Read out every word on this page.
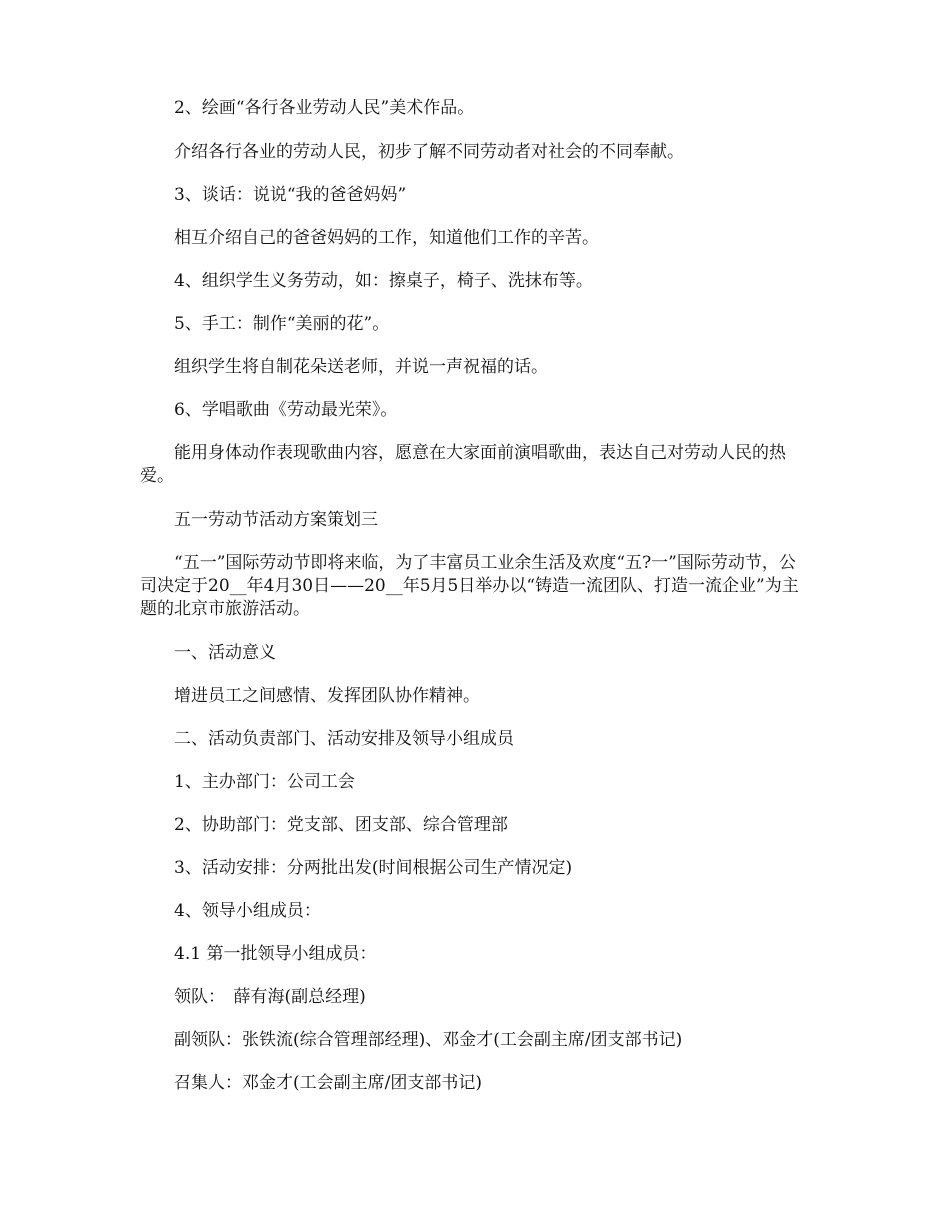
2、绘画“各行各业劳动人民”美术作品。

介绍各行各业的劳动人民，初步了解不同劳动者对社会的不同奉献。

3、谈话：说说“我的爸爸妈妈”

相互介绍自己的爸爸妈妈的工作，知道他们工作的辛苦。

4、组织学生义务劳动，如：擦桌子，椅子、洗抹布等。

5、手工：制作“美丽的花”。

组织学生将自制花朵送老师，并说一声祝福的话。

6、学唱歌曲《劳动最光荣》。

能用身体动作表现歌曲内容，愿意在大家面前演唱歌曲，表达自己对劳动人民的热爱。

五一劳动节活动方案策划三

“五一”国际劳动节即将来临，为了丰富员工业余生活及欢度“五?一”国际劳动节，公司决定于20__年4月30日——20__年5月5日举办以“铸造一流团队、打造一流企业”为主题的北京市旅游活动。

一、活动意义

增进员工之间感情、发挥团队协作精神。

二、活动负责部门、活动安排及领导小组成员

1、主办部门：公司工会

2、协助部门：党支部、团支部、综合管理部

3、活动安排：分两批出发(时间根据公司生产情况定)

4、领导小组成员：

4.1 第一批领导小组成员：

领队：　薛有海(副总经理)

副领队：张铁流(综合管理部经理)、邓金才(工会副主席/团支部书记)

召集人：邓金才(工会副主席/团支部书记)
